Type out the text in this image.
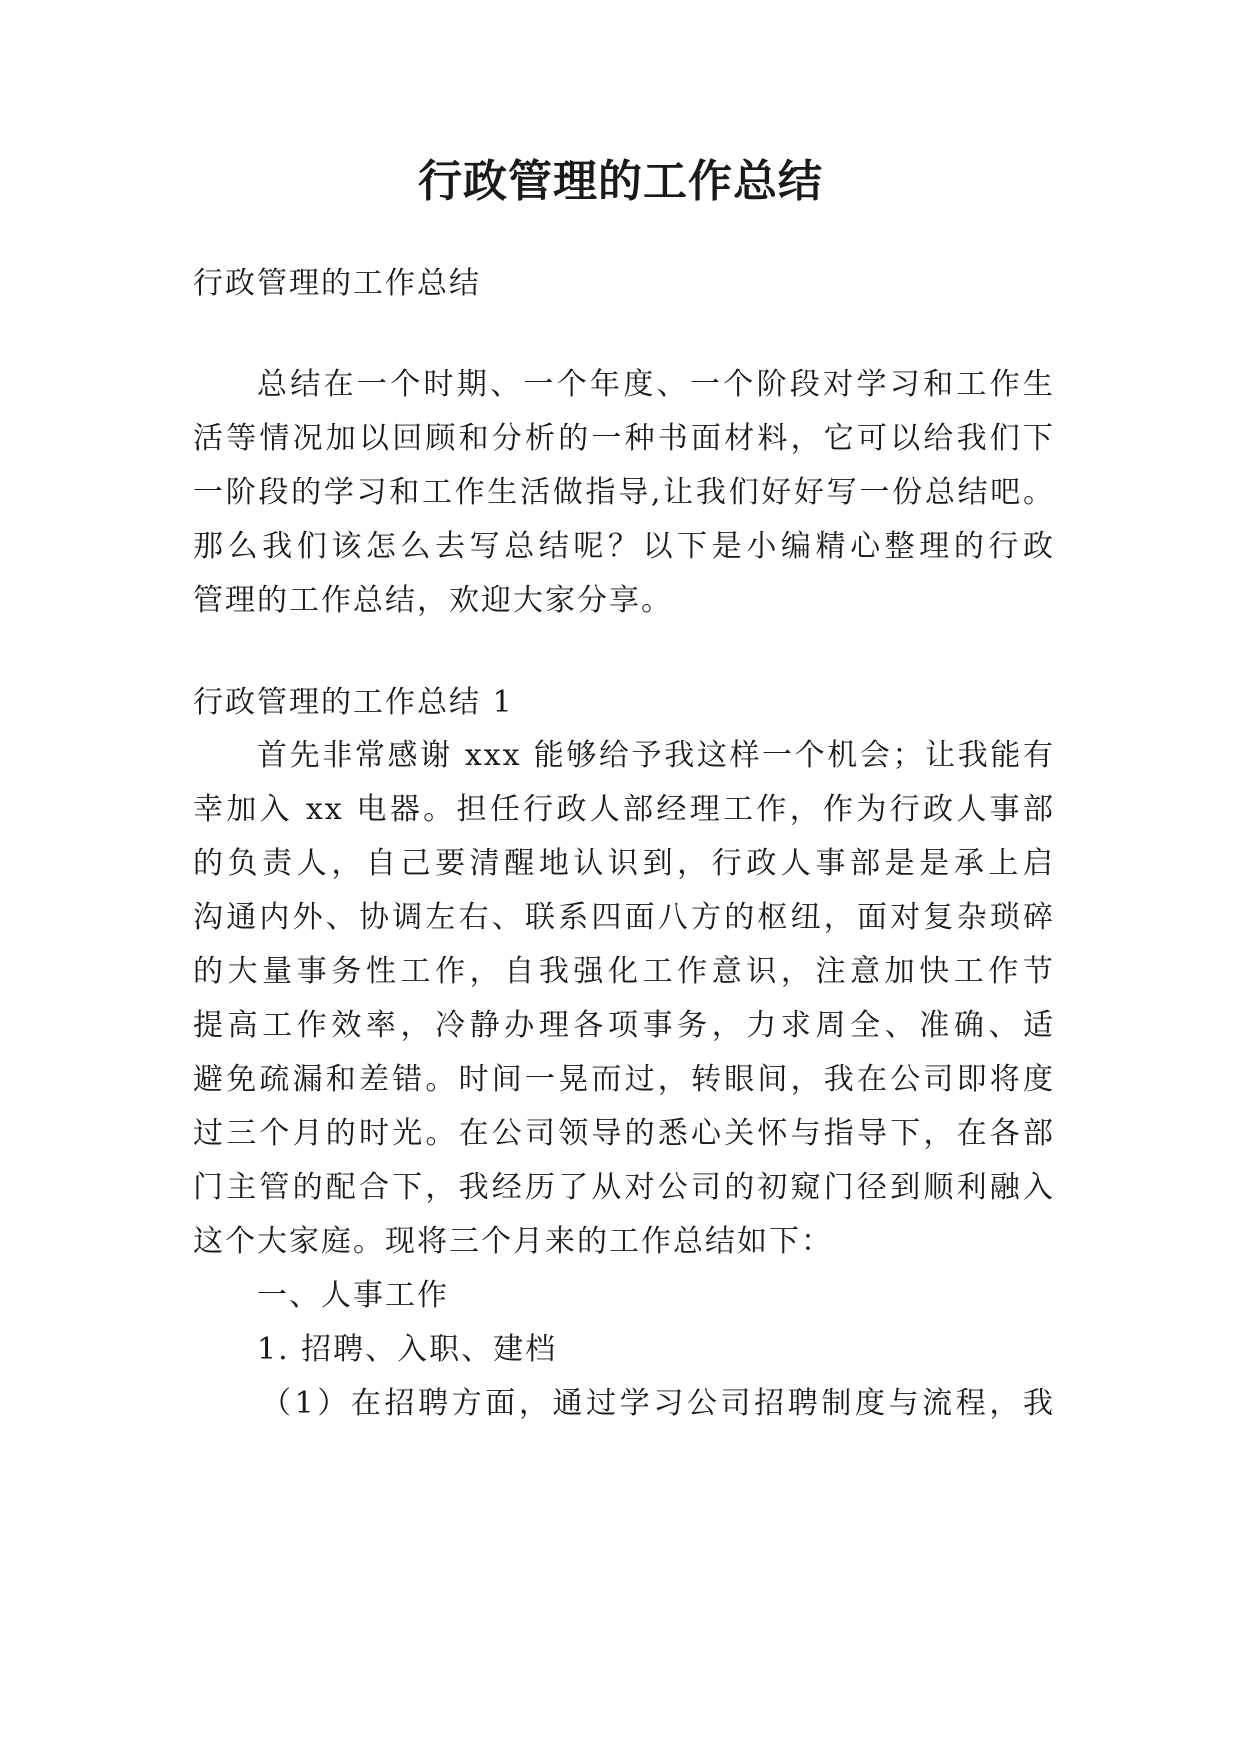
行政管理的工作总结
行政管理的工作总结
总结在一个时期、一个年度、一个阶段对学习和工作生
活等情况加以回顾和分析的一种书面材料，它可以给我们下
一阶段的学习和工作生活做指导,让我们好好写一份总结吧。
那么我们该怎么去写总结呢？以下是小编精心整理的行政
管理的工作总结，欢迎大家分享。
行政管理的工作总结 1
首先非常感谢 xxx 能够给予我这样一个机会；让我能有
幸加入 xx 电器。担任行政人部经理工作，作为行政人事部
的负责人，自己要清醒地认识到，行政人事部是是承上启
沟通内外、协调左右、联系四面八方的枢纽，面对复杂琐碎
的大量事务性工作，自我强化工作意识，注意加快工作节
提高工作效率，冷静办理各项事务，力求周全、准确、适
避免疏漏和差错。时间一晃而过，转眼间，我在公司即将度
过三个月的时光。在公司领导的悉心关怀与指导下，在各部
门主管的配合下，我经历了从对公司的初窥门径到顺利融入
这个大家庭。现将三个月来的工作总结如下：
一、人事工作
1. 招聘、入职、建档
（1）在招聘方面，通过学习公司招聘制度与流程，我
